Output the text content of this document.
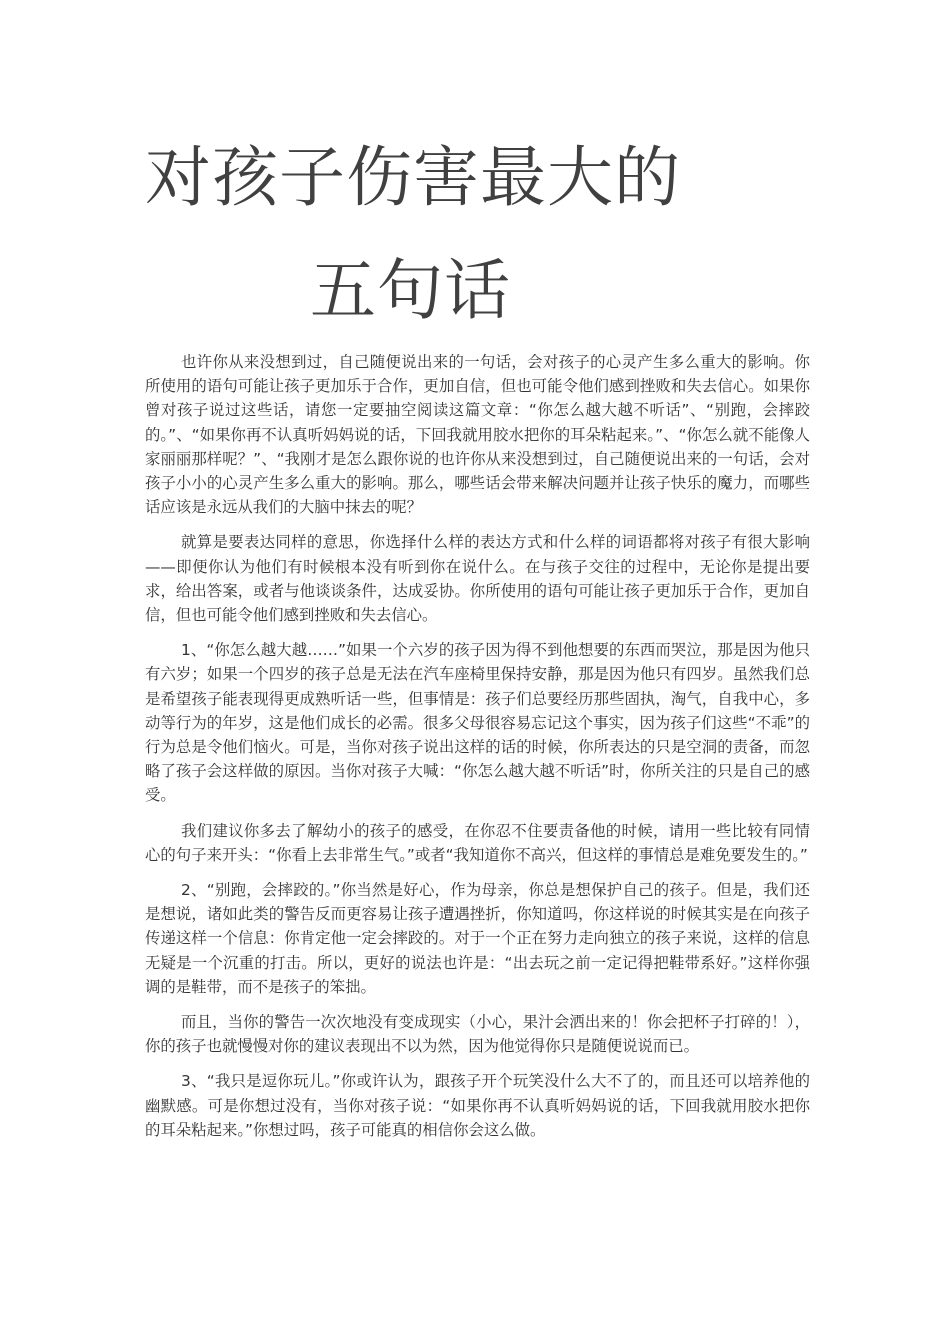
对孩子伤害最大的
五句话

也许你从来没想到过，自己随便说出来的一句话，会对孩子的心灵产生多么重大的影响。你所使用的语句可能让孩子更加乐于合作，更加自信，但也可能令他们感到挫败和失去信心。如果你曾对孩子说过这些话，请您一定要抽空阅读这篇文章：“你怎么越大越不听话”、“别跑，会摔跤的。”、“如果你再不认真听妈妈说的话，下回我就用胶水把你的耳朵粘起来。”、“你怎么就不能像人家丽丽那样呢？”、“我刚才是怎么跟你说的也许你从来没想到过，自己随便说出来的一句话，会对孩子小小的心灵产生多么重大的影响。那么，哪些话会带来解决问题并让孩子快乐的魔力，而哪些话应该是永远从我们的大脑中抹去的呢？

就算是要表达同样的意思，你选择什么样的表达方式和什么样的词语都将对孩子有很大影响——即便你认为他们有时候根本没有听到你在说什么。在与孩子交往的过程中，无论你是提出要求，给出答案，或者与他谈谈条件，达成妥协。你所使用的语句可能让孩子更加乐于合作，更加自信，但也可能令他们感到挫败和失去信心。

1、“你怎么越大越……”如果一个六岁的孩子因为得不到他想要的东西而哭泣，那是因为他只有六岁；如果一个四岁的孩子总是无法在汽车座椅里保持安静，那是因为他只有四岁。虽然我们总是希望孩子能表现得更成熟听话一些，但事情是：孩子们总要经历那些固执，淘气，自我中心，多动等行为的年岁，这是他们成长的必需。很多父母很容易忘记这个事实，因为孩子们这些“不乖”的行为总是令他们恼火。可是，当你对孩子说出这样的话的时候，你所表达的只是空洞的责备，而忽略了孩子会这样做的原因。当你对孩子大喊：“你怎么越大越不听话”时，你所关注的只是自己的感受。

我们建议你多去了解幼小的孩子的感受，在你忍不住要责备他的时候，请用一些比较有同情心的句子来开头：“你看上去非常生气。”或者“我知道你不高兴，但这样的事情总是难免要发生的。”

2、“别跑，会摔跤的。”你当然是好心，作为母亲，你总是想保护自己的孩子。但是，我们还是想说，诸如此类的警告反而更容易让孩子遭遇挫折，你知道吗，你这样说的时候其实是在向孩子传递这样一个信息：你肯定他一定会摔跤的。对于一个正在努力走向独立的孩子来说，这样的信息无疑是一个沉重的打击。所以，更好的说法也许是：“出去玩之前一定记得把鞋带系好。”这样你强调的是鞋带，而不是孩子的笨拙。

而且，当你的警告一次次地没有变成现实（小心，果汁会洒出来的！你会把杯子打碎的！），你的孩子也就慢慢对你的建议表现出不以为然，因为他觉得你只是随便说说而已。

3、“我只是逗你玩儿。”你或许认为，跟孩子开个玩笑没什么大不了的，而且还可以培养他的幽默感。可是你想过没有，当你对孩子说：“如果你再不认真听妈妈说的话，下回我就用胶水把你的耳朵粘起来。”你想过吗，孩子可能真的相信你会这么做。
